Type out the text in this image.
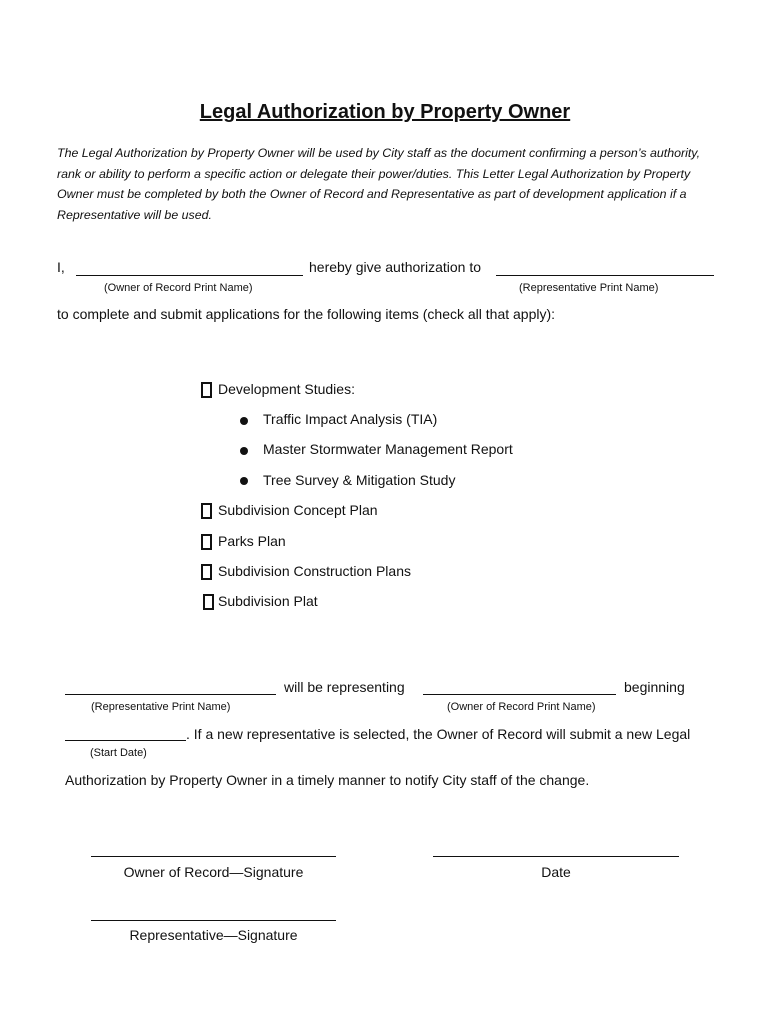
Legal Authorization by Property Owner
The Legal Authorization by Property Owner will be used by City staff as the document confirming a person’s authority, rank or ability to perform a specific action or delegate their power/duties. This Letter Legal Authorization by Property Owner must be completed by both the Owner of Record and Representative as part of development application if a Representative will be used.
I,	hereby give authorization to
(Owner of Record Print Name)	(Representative Print Name)
to complete and submit applications for the following items (check all that apply):
Development Studies:
Traffic Impact Analysis (TIA)
Master Stormwater Management Report
Tree Survey & Mitigation Study
Subdivision Concept Plan
Parks Plan
Subdivision Construction Plans
Subdivision Plat
will be representing	beginning
(Representative Print Name)	(Owner of Record Print Name)
. If a new representative is selected, the Owner of Record will submit a new Legal
(Start Date)
Authorization by Property Owner in a timely manner to notify City staff of the change.
Owner of Record—Signature	Date
Representative—Signature
